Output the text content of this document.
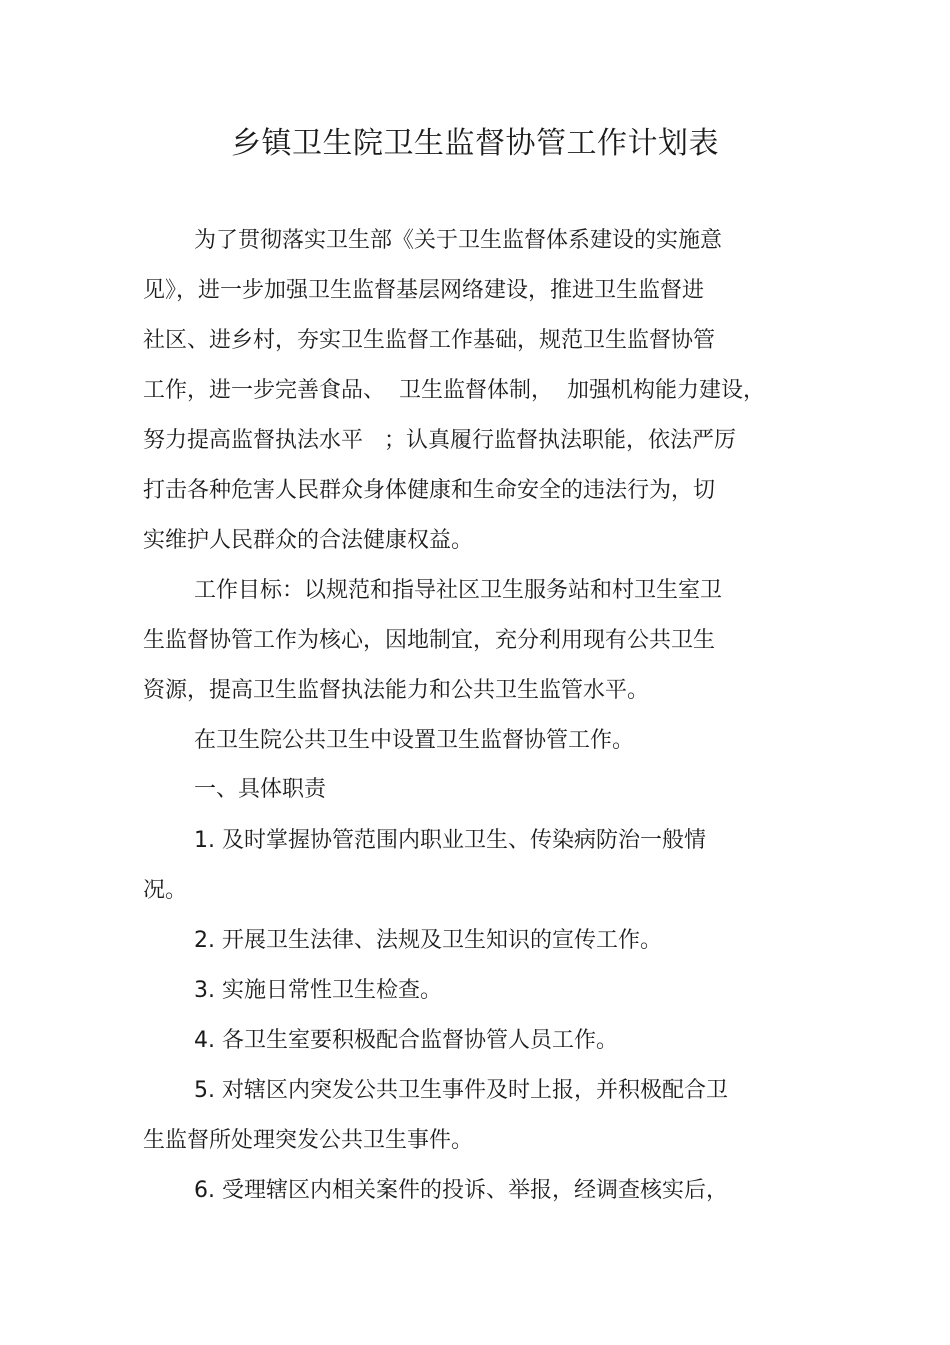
乡镇卫生院卫生监督协管工作计划表
为了贯彻落实卫生部《关于卫生监督体系建设的实施意
见》，进一步加强卫生监督基层网络建设，推进卫生监督进
社区、进乡村，夯实卫生监督工作基础，规范卫生监督协管
工作，进一步完善食品、  卫生监督体制，  加强机构能力建设，
努力提高监督执法水平   ；认真履行监督执法职能，依法严厉
打击各种危害人民群众身体健康和生命安全的违法行为，切
实维护人民群众的合法健康权益。
工作目标：以规范和指导社区卫生服务站和村卫生室卫
生监督协管工作为核心，因地制宜，充分利用现有公共卫生
资源，提高卫生监督执法能力和公共卫生监管水平。
在卫生院公共卫生中设置卫生监督协管工作。
一、具体职责
1. 及时掌握协管范围内职业卫生、传染病防治一般情
况。
2. 开展卫生法律、法规及卫生知识的宣传工作。
3. 实施日常性卫生检查。
4. 各卫生室要积极配合监督协管人员工作。
5. 对辖区内突发公共卫生事件及时上报，并积极配合卫
生监督所处理突发公共卫生事件。
6. 受理辖区内相关案件的投诉、举报，经调查核实后，
